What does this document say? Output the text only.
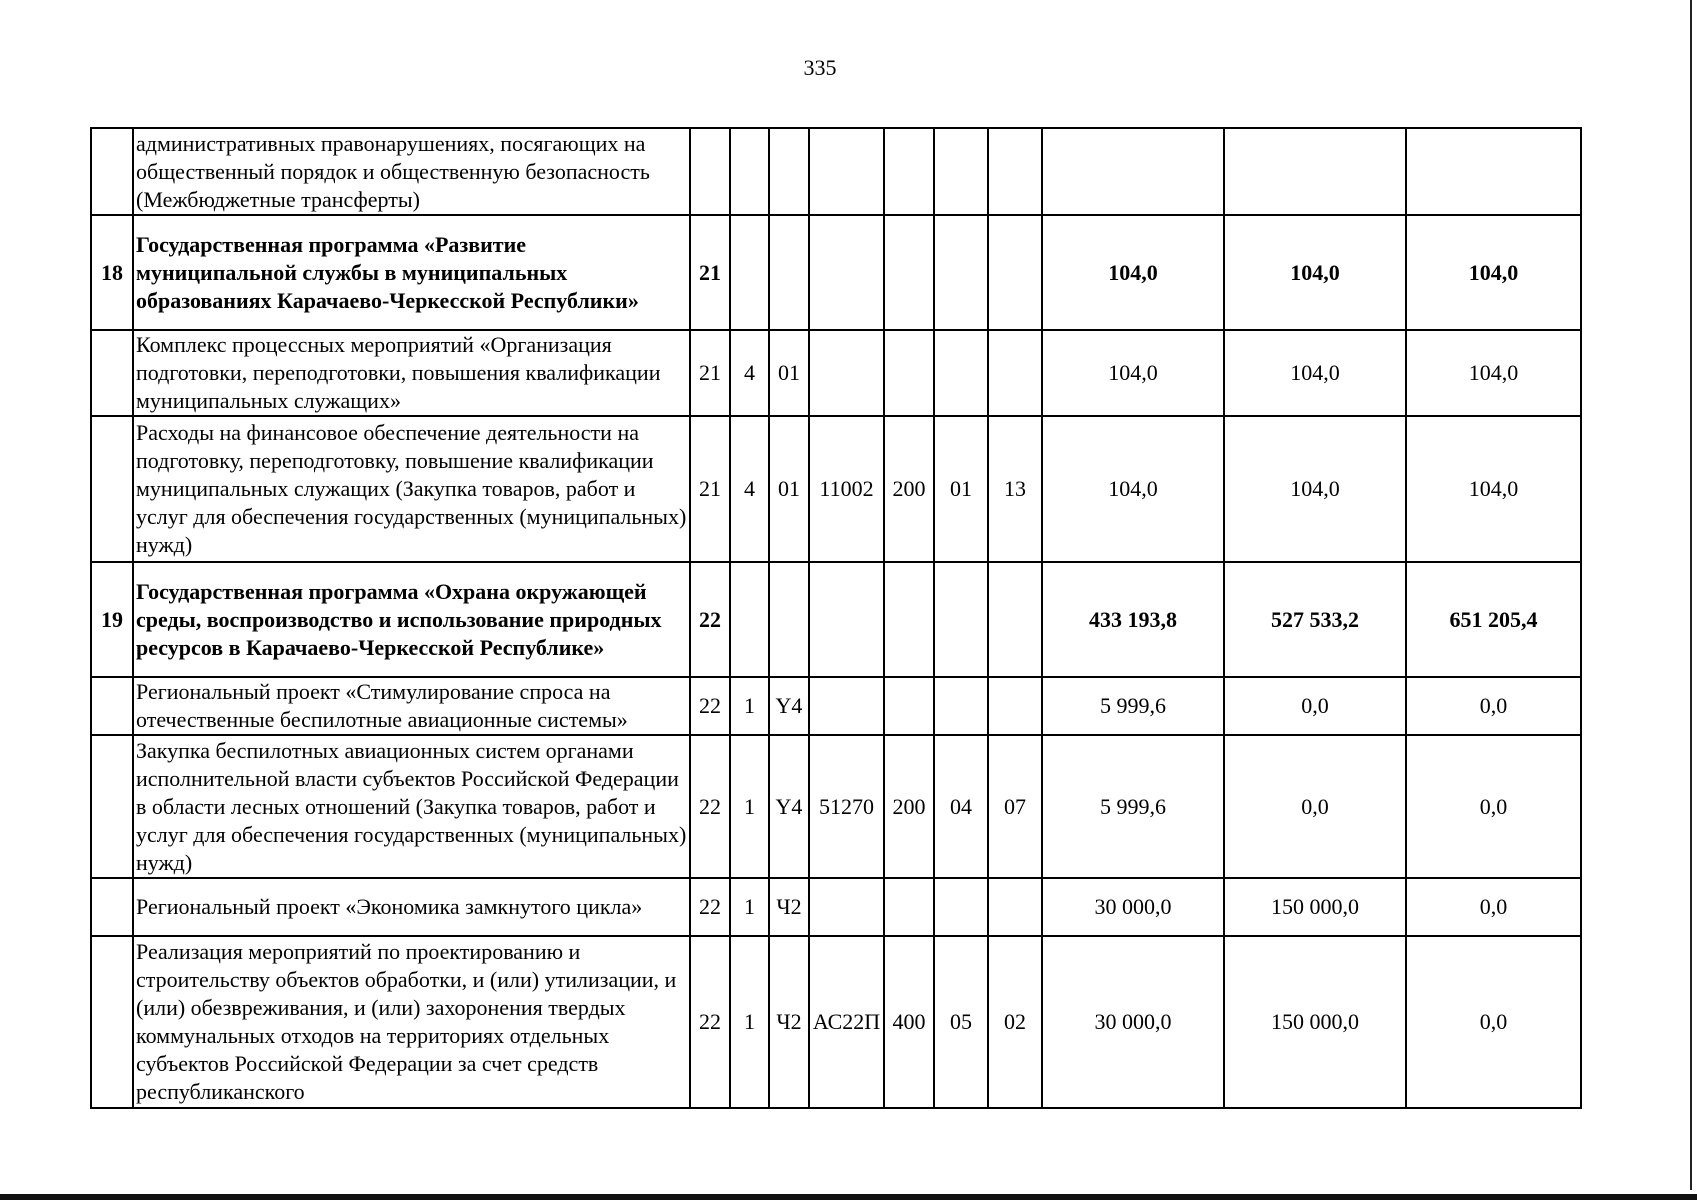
335
	административных правонарушениях, посягающих на общественный порядок и общественную безопасность (Межбюджетные трансферты)										
18	Государственная программа «Развитие муниципальной службы в муниципальных образованиях Карачаево-Черкесской Республики»	21							104,0	104,0	104,0
	Комплекс процессных мероприятий «Организация подготовки, переподготовки, повышения квалификации муниципальных служащих»	21	4	01					104,0	104,0	104,0
	Расходы на финансовое обеспечение деятельности на подготовку, переподготовку, повышение квалификации муниципальных служащих (Закупка товаров, работ и услуг для обеспечения государственных (муниципальных) нужд)	21	4	01	11002	200	01	13	104,0	104,0	104,0
19	Государственная программа «Охрана окружающей среды, воспроизводство и использование природных ресурсов в Карачаево-Черкесской Республике»	22							433 193,8	527 533,2	651 205,4
	Региональный проект «Стимулирование спроса на отечественные беспилотные авиационные системы»	22	1	Y4					5 999,6	0,0	0,0
	Закупка беспилотных авиационных систем органами исполнительной власти субъектов Российской Федерации в области лесных отношений (Закупка товаров, работ и услуг для обеспечения государственных (муниципальных) нужд)	22	1	Y4	51270	200	04	07	5 999,6	0,0	0,0
	Региональный проект «Экономика замкнутого цикла»	22	1	Ч2					30 000,0	150 000,0	0,0
	Реализация мероприятий по проектированию и строительству объектов обработки, и (или) утилизации, и (или) обезвреживания, и (или) захоронения твердых коммунальных отходов на территориях отдельных субъектов Российской Федерации за счет средств республиканского	22	1	Ч2	АС22П	400	05	02	30 000,0	150 000,0	0,0
